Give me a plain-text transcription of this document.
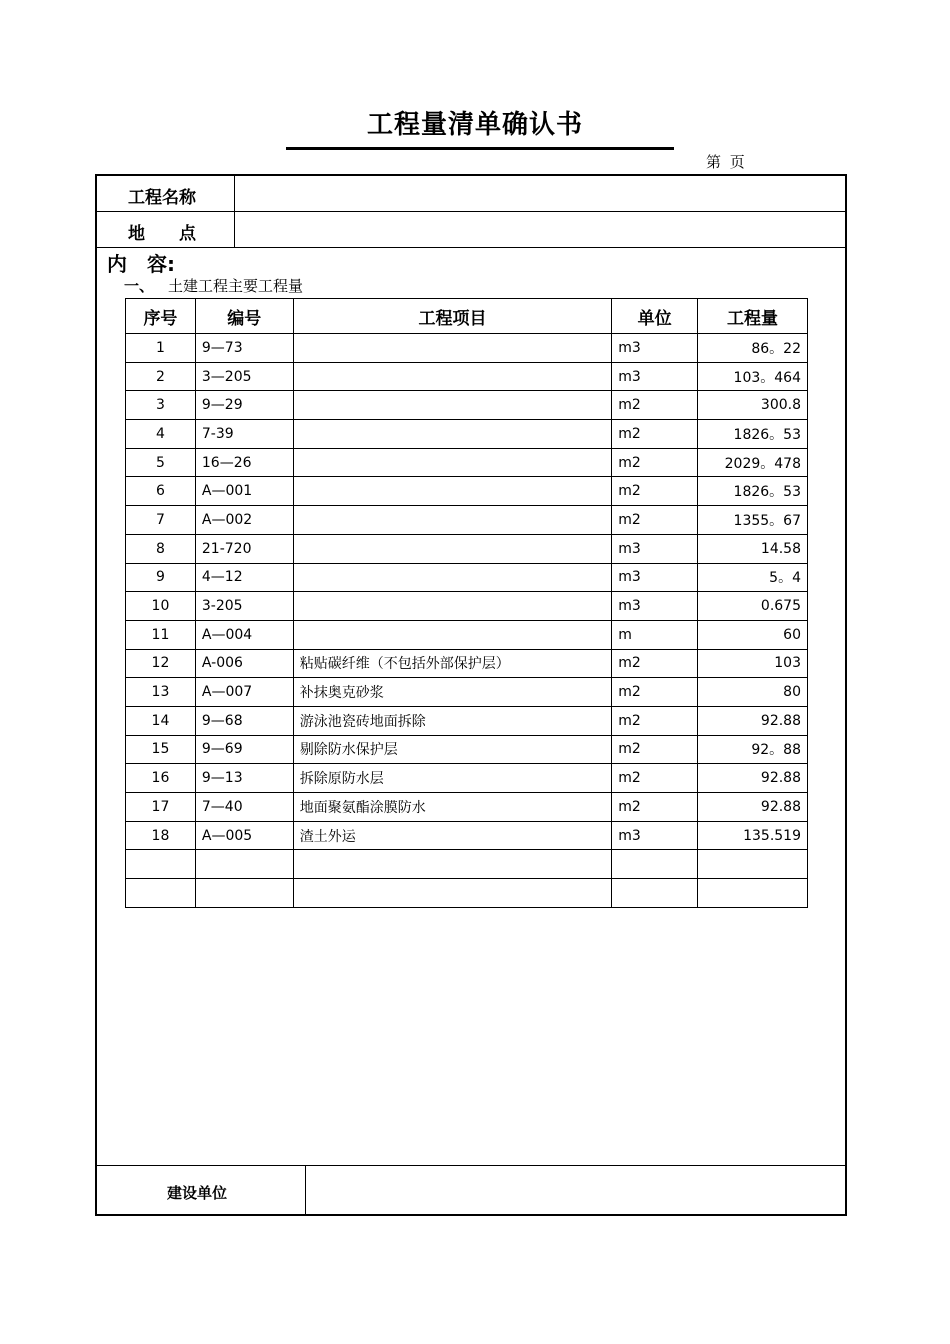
工程量清单确认书
第 页
工程名称
地　　点
内　容:
一、 土建工程主要工程量
序号	编号	工程项目	单位	工程量
1	9—73		m3	86。22
2	3—205		m3	103。464
3	9—29		m2	300.8
4	7-39		m2	1826。53
5	16—26		m2	2029。478
6	A—001		m2	1826。53
7	A—002		m2	1355。67
8	21-720		m3	14.58
9	4—12		m3	5。4
10	3-205		m3	0.675
11	A—004		m	60
12	A-006	粘贴碳纤维（不包括外部保护层）	m2	103
13	A—007	补抹奥克砂浆	m2	80
14	9—68	游泳池瓷砖地面拆除	m2	92.88
15	9—69	剔除防水保护层	m2	92。88
16	9—13	拆除原防水层	m2	92.88
17	7—40	地面聚氨酯涂膜防水	m2	92.88
18	A—005	渣土外运	m3	135.519

建设单位
